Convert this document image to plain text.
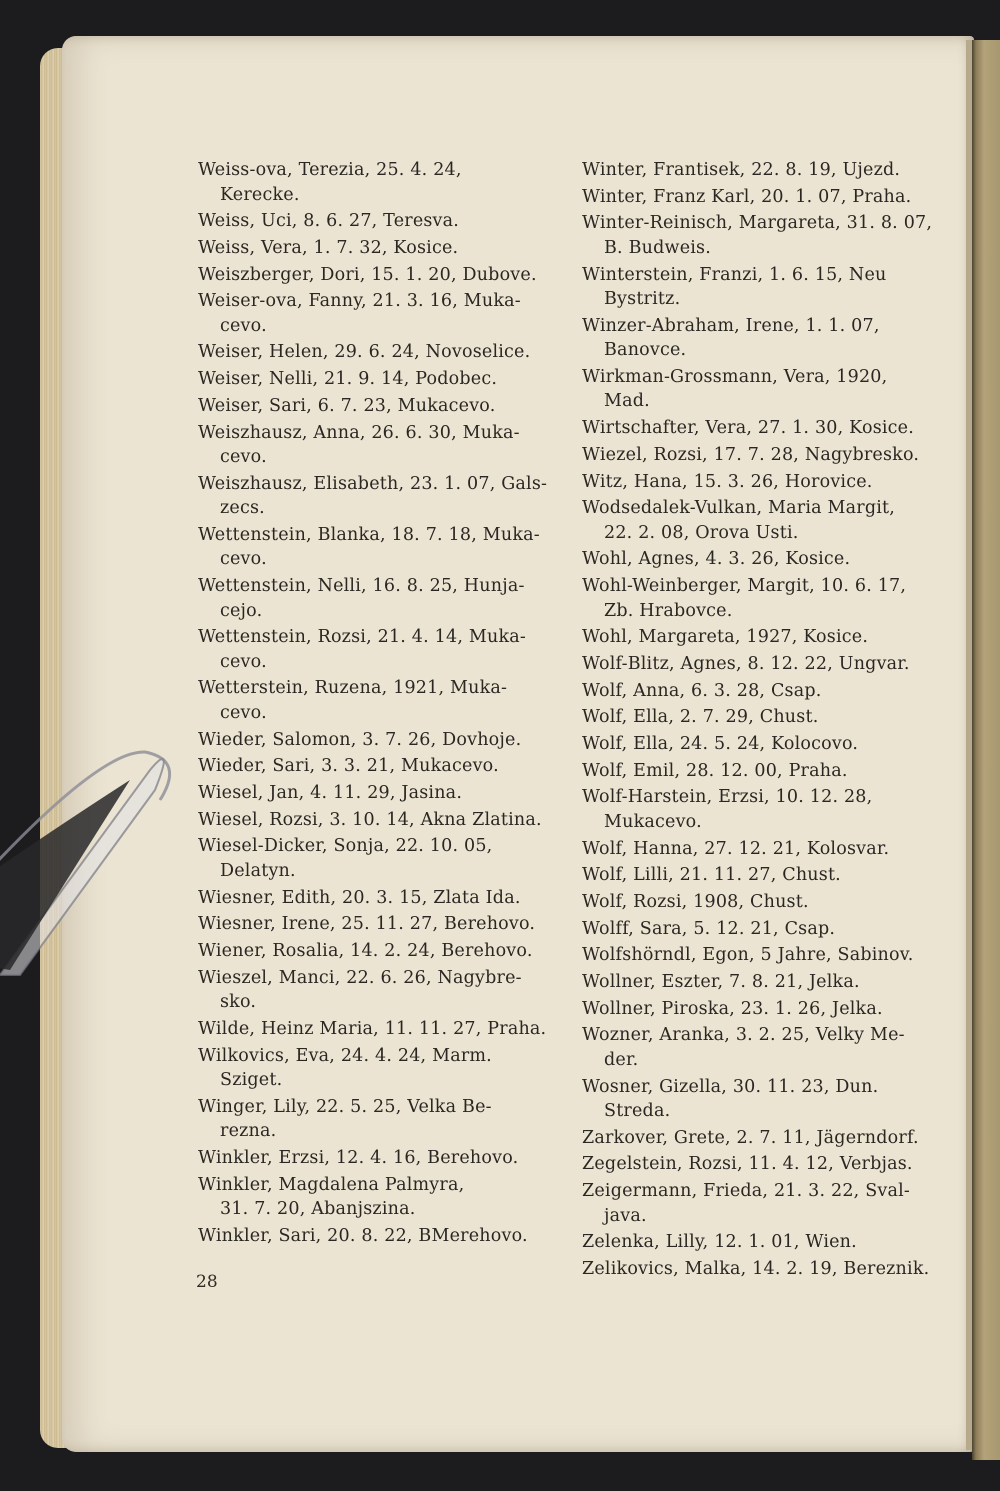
Weiss-ova, Terezia, 25. 4. 24,
Kerecke.
Weiss, Uci, 8. 6. 27, Teresva.
Weiss, Vera, 1. 7. 32, Kosice.
Weiszberger, Dori, 15. 1. 20, Dubove.
Weiser-ova, Fanny, 21. 3. 16, Muka-
cevo.
Weiser, Helen, 29. 6. 24, Novoselice.
Weiser, Nelli, 21. 9. 14, Podobec.
Weiser, Sari, 6. 7. 23, Mukacevo.
Weiszhausz, Anna, 26. 6. 30, Muka-
cevo.
Weiszhausz, Elisabeth, 23. 1. 07, Gals-
zecs.
Wettenstein, Blanka, 18. 7. 18, Muka-
cevo.
Wettenstein, Nelli, 16. 8. 25, Hunja-
cejo.
Wettenstein, Rozsi, 21. 4. 14, Muka-
cevo.
Wetterstein, Ruzena, 1921, Muka-
cevo.
Wieder, Salomon, 3. 7. 26, Dovhoje.
Wieder, Sari, 3. 3. 21, Mukacevo.
Wiesel, Jan, 4. 11. 29, Jasina.
Wiesel, Rozsi, 3. 10. 14, Akna Zlatina.
Wiesel-Dicker, Sonja, 22. 10. 05,
Delatyn.
Wiesner, Edith, 20. 3. 15, Zlata Ida.
Wiesner, Irene, 25. 11. 27, Berehovo.
Wiener, Rosalia, 14. 2. 24, Berehovo.
Wieszel, Manci, 22. 6. 26, Nagybre-
sko.
Wilde, Heinz Maria, 11. 11. 27, Praha.
Wilkovics, Eva, 24. 4. 24, Marm.
Sziget.
Winger, Lily, 22. 5. 25, Velka Be-
rezna.
Winkler, Erzsi, 12. 4. 16, Berehovo.
Winkler, Magdalena Palmyra,
31. 7. 20, Abanjszina.
Winkler, Sari, 20. 8. 22, BMerehovo.
Winter, Frantisek, 22. 8. 19, Ujezd.
Winter, Franz Karl, 20. 1. 07, Praha.
Winter-Reinisch, Margareta, 31. 8. 07,
B. Budweis.
Winterstein, Franzi, 1. 6. 15, Neu
Bystritz.
Winzer-Abraham, Irene, 1. 1. 07,
Banovce.
Wirkman-Grossmann, Vera, 1920,
Mad.
Wirtschafter, Vera, 27. 1. 30, Kosice.
Wiezel, Rozsi, 17. 7. 28, Nagybresko.
Witz, Hana, 15. 3. 26, Horovice.
Wodsedalek-Vulkan, Maria Margit,
22. 2. 08, Orova Usti.
Wohl, Agnes, 4. 3. 26, Kosice.
Wohl-Weinberger, Margit, 10. 6. 17,
Zb. Hrabovce.
Wohl, Margareta, 1927, Kosice.
Wolf-Blitz, Agnes, 8. 12. 22, Ungvar.
Wolf, Anna, 6. 3. 28, Csap.
Wolf, Ella, 2. 7. 29, Chust.
Wolf, Ella, 24. 5. 24, Kolocovo.
Wolf, Emil, 28. 12. 00, Praha.
Wolf-Harstein, Erzsi, 10. 12. 28,
Mukacevo.
Wolf, Hanna, 27. 12. 21, Kolosvar.
Wolf, Lilli, 21. 11. 27, Chust.
Wolf, Rozsi, 1908, Chust.
Wolff, Sara, 5. 12. 21, Csap.
Wolfshörndl, Egon, 5 Jahre, Sabinov.
Wollner, Eszter, 7. 8. 21, Jelka.
Wollner, Piroska, 23. 1. 26, Jelka.
Wozner, Aranka, 3. 2. 25, Velky Me-
der.
Wosner, Gizella, 30. 11. 23, Dun.
Streda.
Zarkover, Grete, 2. 7. 11, Jägerndorf.
Zegelstein, Rozsi, 11. 4. 12, Verbjas.
Zeigermann, Frieda, 21. 3. 22, Sval-
java.
Zelenka, Lilly, 12. 1. 01, Wien.
Zelikovics, Malka, 14. 2. 19, Bereznik.
28
